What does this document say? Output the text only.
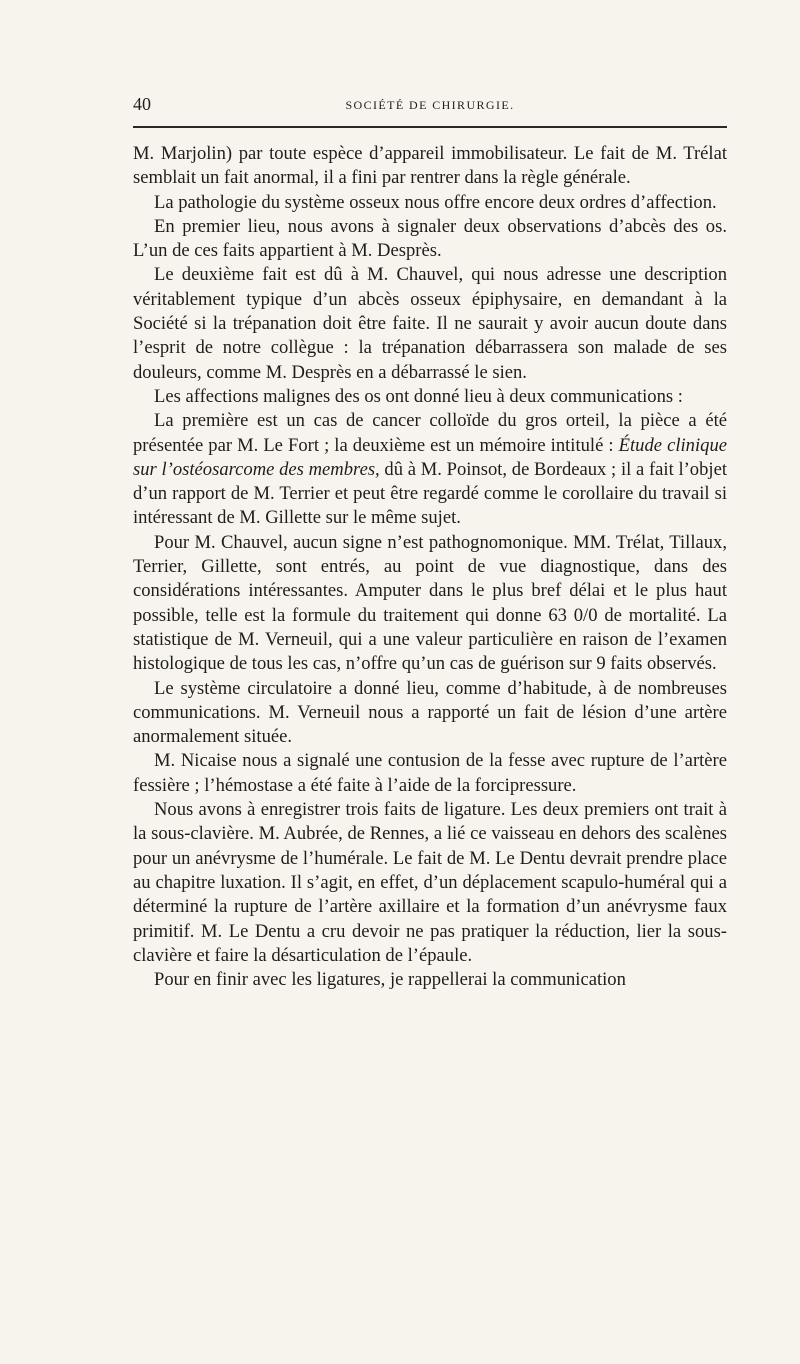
40	SOCIÉTÉ DE CHIRURGIE.

M. Marjolin) par toute espèce d’appareil immobilisateur. Le fait de M. Trélat semblait un fait anormal, il a fini par rentrer dans la règle générale.

La pathologie du système osseux nous offre encore deux ordres d’affection.

En premier lieu, nous avons à signaler deux observations d’abcès des os. L’un de ces faits appartient à M. Desprès.

Le deuxième fait est dû à M. Chauvel, qui nous adresse une description véritablement typique d’un abcès osseux épiphysaire, en demandant à la Société si la trépanation doit être faite. Il ne saurait y avoir aucun doute dans l’esprit de notre collègue : la trépanation débarrassera son malade de ses douleurs, comme M. Desprès en a débarrassé le sien.

Les affections malignes des os ont donné lieu à deux communications :

La première est un cas de cancer colloïde du gros orteil, la pièce a été présentée par M. Le Fort ; la deuxième est un mémoire intitulé : Étude clinique sur l’ostéosarcome des membres, dû à M. Poinsot, de Bordeaux ; il a fait l’objet d’un rapport de M. Terrier et peut être regardé comme le corollaire du travail si intéressant de M. Gillette sur le même sujet.

Pour M. Chauvel, aucun signe n’est pathognomonique. MM. Trélat, Tillaux, Terrier, Gillette, sont entrés, au point de vue diagnostique, dans des considérations intéressantes. Amputer dans le plus bref délai et le plus haut possible, telle est la formule du traitement qui donne 63 0/0 de mortalité. La statistique de M. Verneuil, qui a une valeur particulière en raison de l’examen histologique de tous les cas, n’offre qu’un cas de guérison sur 9 faits observés.

Le système circulatoire a donné lieu, comme d’habitude, à de nombreuses communications. M. Verneuil nous a rapporté un fait de lésion d’une artère anormalement située.

M. Nicaise nous a signalé une contusion de la fesse avec rupture de l’artère fessière ; l’hémostase a été faite à l’aide de la forcipressure.

Nous avons à enregistrer trois faits de ligature. Les deux premiers ont trait à la sous-clavière. M. Aubrée, de Rennes, a lié ce vaisseau en dehors des scalènes pour un anévrysme de l’humérale. Le fait de M. Le Dentu devrait prendre place au chapitre luxation. Il s’agit, en effet, d’un déplacement scapulo-huméral qui a déterminé la rupture de l’artère axillaire et la formation d’un anévrysme faux primitif. M. Le Dentu a cru devoir ne pas pratiquer la réduction, lier la sous-clavière et faire la désarticulation de l’épaule.

Pour en finir avec les ligatures, je rappellerai la communication
